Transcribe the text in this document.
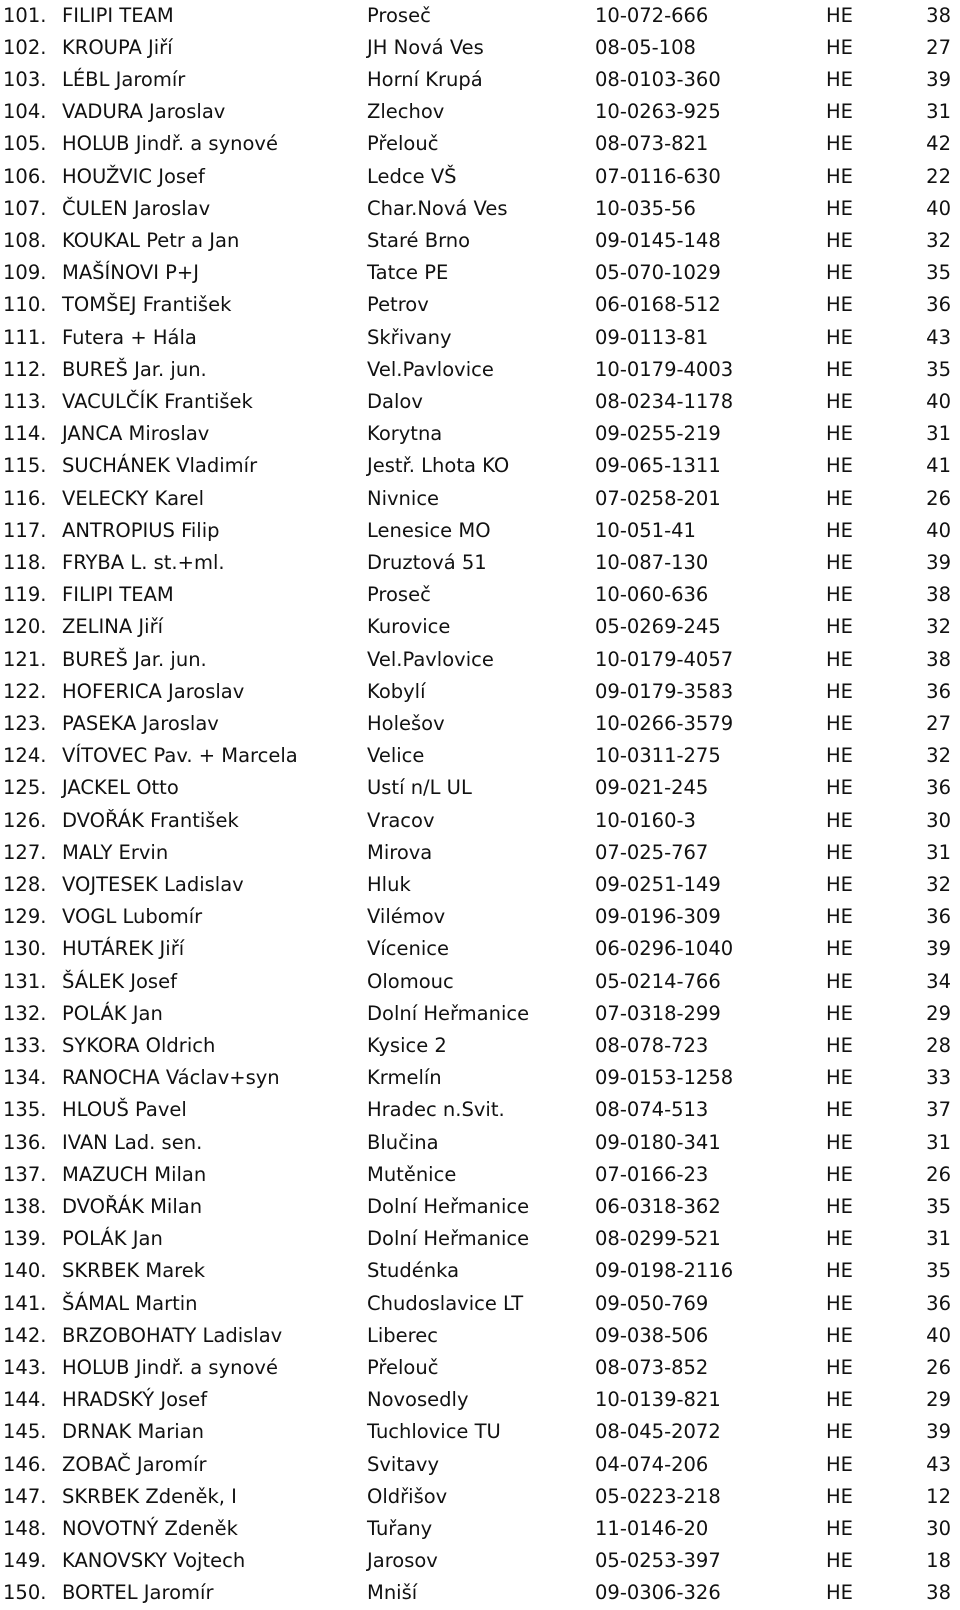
101. FILIPI TEAM	Proseč	10-072-666	HE	38
102. KROUPA Jiří	JH Nová Ves	08-05-108	HE	27
103. LÉBL Jaromír	Horní Krupá	08-0103-360	HE	39
104. VADURA Jaroslav	Zlechov	10-0263-925	HE	31
105. HOLUB Jindř. a synové	Přelouč	08-073-821	HE	42
106. HOUŽVIC Josef	Ledce VŠ	07-0116-630	HE	22
107. ČULEN Jaroslav	Char.Nová Ves	10-035-56	HE	40
108. KOUKAL Petr a Jan	Staré Brno	09-0145-148	HE	32
109. MAŠÍNOVI P+J	Tatce PE	05-070-1029	HE	35
110. TOMŠEJ František	Petrov	06-0168-512	HE	36
111. Futera + Hála	Skřivany	09-0113-81	HE	43
112. BUREŠ Jar. jun.	Vel.Pavlovice	10-0179-4003	HE	35
113. VACULČÍK František	Dalov	08-0234-1178	HE	40
114. JANCA Miroslav	Korytna	09-0255-219	HE	31
115. SUCHÁNEK Vladimír	Jestř. Lhota KO	09-065-1311	HE	41
116. VELECKY Karel	Nivnice	07-0258-201	HE	26
117. ANTROPIUS Filip	Lenesice MO	10-051-41	HE	40
118. FRYBA L. st.+ml.	Druztová 51	10-087-130	HE	39
119. FILIPI TEAM	Proseč	10-060-636	HE	38
120. ZELINA Jiří	Kurovice	05-0269-245	HE	32
121. BUREŠ Jar. jun.	Vel.Pavlovice	10-0179-4057	HE	38
122. HOFERICA Jaroslav	Kobylí	09-0179-3583	HE	36
123. PASEKA Jaroslav	Holešov	10-0266-3579	HE	27
124. VÍTOVEC Pav. + Marcela	Velice	10-0311-275	HE	32
125. JACKEL Otto	Ustí n/L UL	09-021-245	HE	36
126. DVOŘÁK František	Vracov	10-0160-3	HE	30
127. MALY Ervin	Mirova	07-025-767	HE	31
128. VOJTESEK Ladislav	Hluk	09-0251-149	HE	32
129. VOGL Lubomír	Vilémov	09-0196-309	HE	36
130. HUTÁREK Jiří	Vícenice	06-0296-1040	HE	39
131. ŠÁLEK Josef	Olomouc	05-0214-766	HE	34
132. POLÁK Jan	Dolní Heřmanice	07-0318-299	HE	29
133. SYKORA Oldrich	Kysice 2	08-078-723	HE	28
134. RANOCHA Václav+syn	Krmelín	09-0153-1258	HE	33
135. HLOUŠ Pavel	Hradec n.Svit.	08-074-513	HE	37
136. IVAN Lad. sen.	Blučina	09-0180-341	HE	31
137. MAZUCH Milan	Mutěnice	07-0166-23	HE	26
138. DVOŘÁK Milan	Dolní Heřmanice	06-0318-362	HE	35
139. POLÁK Jan	Dolní Heřmanice	08-0299-521	HE	31
140. SKRBEK Marek	Studénka	09-0198-2116	HE	35
141. ŠÁMAL Martin	Chudoslavice LT	09-050-769	HE	36
142. BRZOBOHATY Ladislav	Liberec	09-038-506	HE	40
143. HOLUB Jindř. a synové	Přelouč	08-073-852	HE	26
144. HRADSKÝ Josef	Novosedly	10-0139-821	HE	29
145. DRNAK Marian	Tuchlovice TU	08-045-2072	HE	39
146. ZOBAČ Jaromír	Svitavy	04-074-206	HE	43
147. SKRBEK Zdeněk, I	Oldřišov	05-0223-218	HE	12
148. NOVOTNÝ Zdeněk	Tuřany	11-0146-20	HE	30
149. KANOVSKY Vojtech	Jarosov	05-0253-397	HE	18
150. BORTEL Jaromír	Mniší	09-0306-326	HE	38
